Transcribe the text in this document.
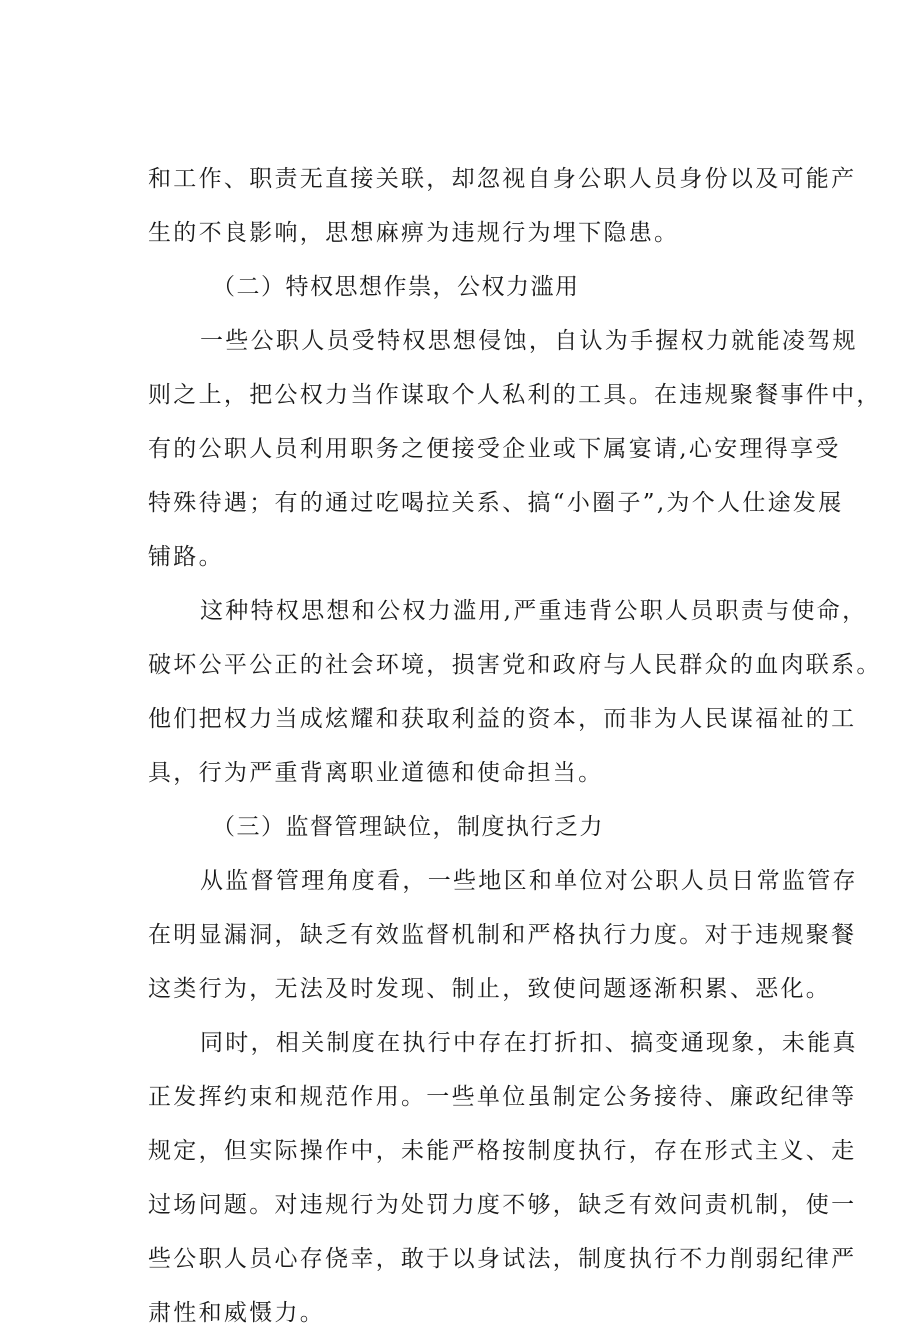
和工作、职责无直接关联，却忽视自身公职人员身份以及可能产
生的不良影响，思想麻痹为违规行为埋下隐患。
（二）特权思想作祟，公权力滥用
一些公职人员受特权思想侵蚀，自认为手握权力就能凌驾规
则之上，把公权力当作谋取个人私利的工具。在违规聚餐事件中，
有的公职人员利用职务之便接受企业或下属宴请,心安理得享受
特殊待遇；有的通过吃喝拉关系、搞“小圈子”,为个人仕途发展
铺路。
这种特权思想和公权力滥用,严重违背公职人员职责与使命，
破坏公平公正的社会环境，损害党和政府与人民群众的血肉联系。
他们把权力当成炫耀和获取利益的资本，而非为人民谋福祉的工
具，行为严重背离职业道德和使命担当。
（三）监督管理缺位，制度执行乏力
从监督管理角度看，一些地区和单位对公职人员日常监管存
在明显漏洞，缺乏有效监督机制和严格执行力度。对于违规聚餐
这类行为，无法及时发现、制止，致使问题逐渐积累、恶化。
同时，相关制度在执行中存在打折扣、搞变通现象，未能真
正发挥约束和规范作用。一些单位虽制定公务接待、廉政纪律等
规定，但实际操作中，未能严格按制度执行，存在形式主义、走
过场问题。对违规行为处罚力度不够，缺乏有效问责机制，使一
些公职人员心存侥幸，敢于以身试法，制度执行不力削弱纪律严
肃性和威慑力。
